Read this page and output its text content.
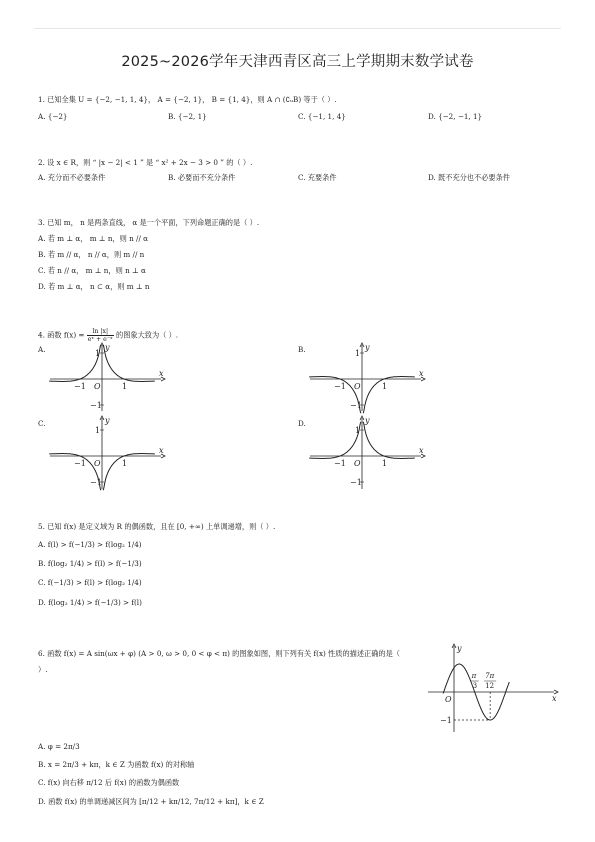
2025~2026学年天津西青区高三上学期期末数学试卷
1. 已知全集 U = {−2, −1, 1, 4}， A = {−2, 1}， B = {1, 4}，则 A ∩ (∁ᵤB) 等于（ ）.
A. {−2}	B. {−2, 1}	C. {−1, 1, 4}	D. {−2, −1, 1}
2. 设 x ∈ R，则 “ |x − 2| < 1 ” 是 “ x² + 2x − 3 > 0 ” 的（ ）.
A. 充分而不必要条件	B. 必要而不充分条件	C. 充要条件	D. 既不充分也不必要条件
3. 已知 m， n 是两条直线， α 是一个平面，下列命题正确的是（ ）.
A. 若 m ⊥ α， m ⊥ n，则 n // α
B. 若 m // α， n // α，则 m // n
C. 若 n // α， m ⊥ n，则 n ⊥ α
D. 若 m ⊥ α， n ⊂ α，则 m ⊥ n
4. 函数 $f(x) = \frac{\ln |x|}{\text{eˣ + e⁻ˣ}}$ 的图象大致为（ ）.
A.	B.
C.	D.
−1	1
O
x
y
1
−1
−1	1
O
x
y
1
−1
−1	1
O
x
y
1
−1
−1	1
O
x
y
1
−1
5. 已知 f(x) 是定义域为 R 的偶函数，且在 [0, +∞) 上单调递增，则（ ）.
A. f(l) > f(−1/3) > f(log₂ 1/4)
B. f(log₂ 1/4) > f(l) > f(−1/3)
C. f(−1/3) > f(l) > f(log₂ 1/4)
D. f(log₂ 1/4) > f(−1/3) > f(l)
6. 函数 f(x) = A sin(ωx + φ) (A > 0, ω > 0, 0 < φ < π) 的图象如图，则下列有关 f(x) 性质的描述正确的是（
）.
π
3
7π
12
O
−1
x
y
A. φ = 2π/3
B. x = 2π/3 + kπ，k ∈ Z 为函数 f(x) 的对称轴
C. f(x) 向右移 π/12 后 f(x) 的函数为偶函数
D. 函数 f(x) 的单调递减区间为 [π/12 + kπ/12, 7π/12 + kπ]，k ∈ Z
